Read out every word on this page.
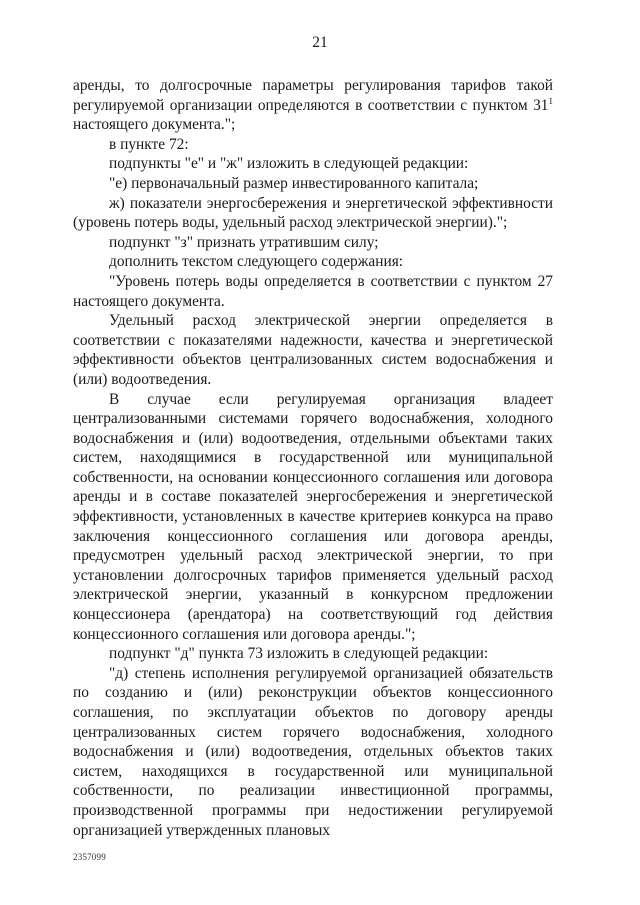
21

аренды, то долгосрочные параметры регулирования тарифов такой регулируемой организации определяются в соответствии с пунктом $31^1$ настоящего документа.";

в пункте 72:

подпункты "е" и "ж" изложить в следующей редакции:

"е) первоначальный размер инвестированного капитала;

ж) показатели энергосбережения и энергетической эффективности (уровень потерь воды, удельный расход электрической энергии).";

подпункт "з" признать утратившим силу;

дополнить текстом следующего содержания:

"Уровень потерь воды определяется в соответствии с пунктом 27 настоящего документа.

Удельный расход электрической энергии определяется в соответствии с показателями надежности, качества и энергетической эффективности объектов централизованных систем водоснабжения и (или) водоотведения.

В случае если регулируемая организация владеет централизованными системами горячего водоснабжения, холодного водоснабжения и (или) водоотведения, отдельными объектами таких систем, находящимися в государственной или муниципальной собственности, на основании концессионного соглашения или договора аренды и в составе показателей энергосбережения и энергетической эффективности, установленных в качестве критериев конкурса на право заключения концессионного соглашения или договора аренды, предусмотрен удельный расход электрической энергии, то при установлении долгосрочных тарифов применяется удельный расход электрической энергии, указанный в конкурсном предложении концессионера (арендатора) на соответствующий год действия концессионного соглашения или договора аренды.";

подпункт "д" пункта 73 изложить в следующей редакции:

"д) степень исполнения регулируемой организацией обязательств по созданию и (или) реконструкции объектов концессионного соглашения, по эксплуатации объектов по договору аренды централизованных систем горячего водоснабжения, холодного водоснабжения и (или) водоотведения, отдельных объектов таких систем, находящихся в государственной или муниципальной собственности, по реализации инвестиционной программы, производственной программы при недостижении регулируемой организацией утвержденных плановых

2357099
